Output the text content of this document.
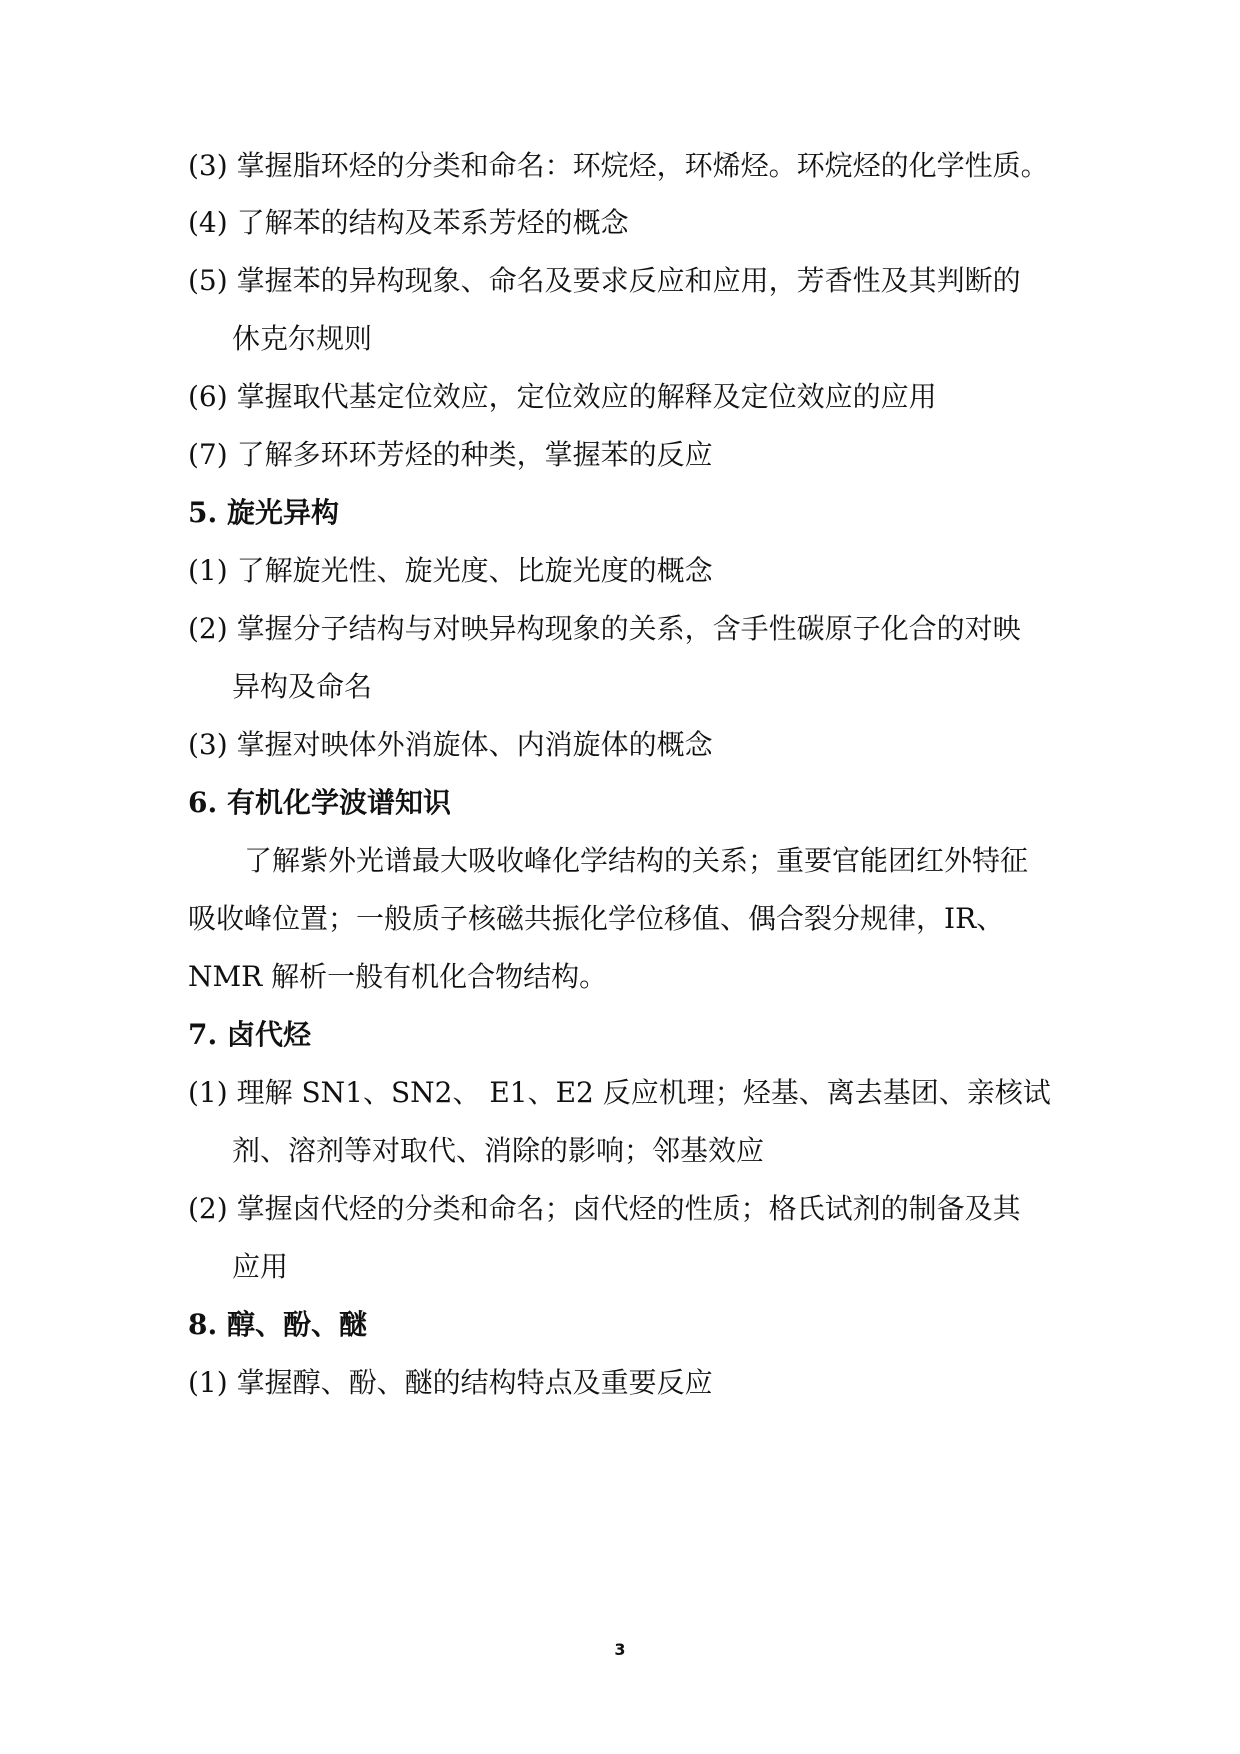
(3) 掌握脂环烃的分类和命名：环烷烃，环烯烃。环烷烃的化学性质。
(4) 了解苯的结构及苯系芳烃的概念
(5) 掌握苯的异构现象、命名及要求反应和应用，芳香性及其判断的
休克尔规则
(6) 掌握取代基定位效应，定位效应的解释及定位效应的应用
(7) 了解多环环芳烃的种类，掌握苯的反应
5. 旋光异构
(1) 了解旋光性、旋光度、比旋光度的概念
(2) 掌握分子结构与对映异构现象的关系，含手性碳原子化合的对映
异构及命名
(3) 掌握对映体外消旋体、内消旋体的概念
6. 有机化学波谱知识
了解紫外光谱最大吸收峰化学结构的关系；重要官能团红外特征
吸收峰位置；一般质子核磁共振化学位移值、偶合裂分规律，IR、
NMR 解析一般有机化合物结构。
7. 卤代烃
(1) 理解 SN1、SN2、 E1、E2 反应机理；烃基、离去基团、亲核试
剂、溶剂等对取代、消除的影响；邻基效应
(2) 掌握卤代烃的分类和命名；卤代烃的性质；格氏试剂的制备及其
应用
8. 醇、酚、醚
(1) 掌握醇、酚、醚的结构特点及重要反应
3
